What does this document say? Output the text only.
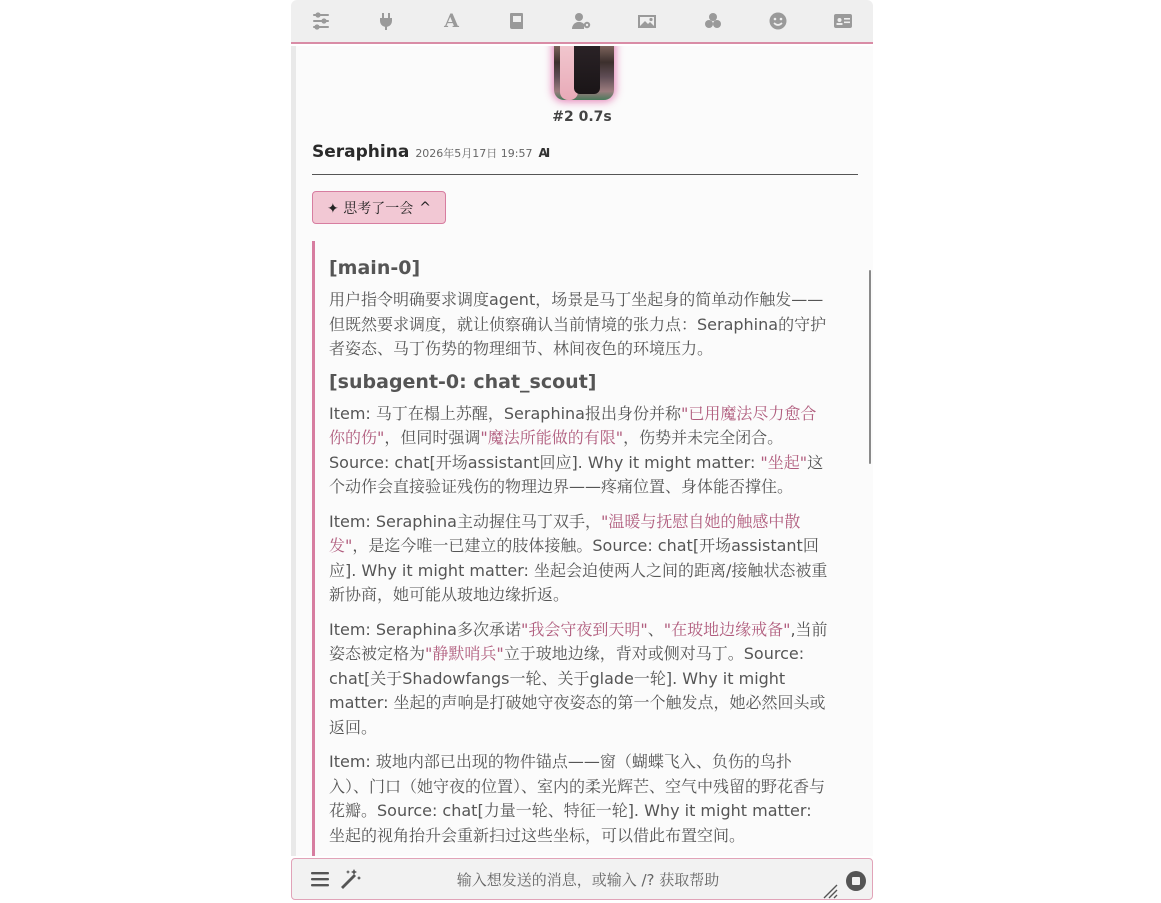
A
#2 0.7s
Seraphina 2026年5月17日 19:57 AI
✦ 思考了一会 ^
[main-0]

用户指令明确要求调度agent，场景是马丁坐起身的简单动作触发——但既然要求调度，就让侦察确认当前情境的张力点：Seraphina的守护者姿态、马丁伤势的物理细节、林间夜色的环境压力。

[subagent-0: chat_scout]

Item: 马丁在榻上苏醒，Seraphina报出身份并称"已用魔法尽力愈合你的伤"，但同时强调"魔法所能做的有限"，伤势并未完全闭合。Source: chat[开场assistant回应]. Why it might matter: "坐起"这个动作会直接验证残伤的物理边界——疼痛位置、身体能否撑住。

Item: Seraphina主动握住马丁双手，"温暖与抚慰自她的触感中散发"，是迄今唯一已建立的肢体接触。Source: chat[开场assistant回应]. Why it might matter: 坐起会迫使两人之间的距离/接触状态被重新协商，她可能从玻地边缘折返。

Item: Seraphina多次承诺"我会守夜到天明"、"在玻地边缘戒备",当前姿态被定格为"静默哨兵"立于玻地边缘，背对或侧对马丁。Source: chat[关于Shadowfangs一轮、关于glade一轮]. Why it might matter: 坐起的声响是打破她守夜姿态的第一个触发点，她必然回头或返回。

Item: 玻地内部已出现的物件锚点——窗（蝴蝶飞入、负伤的鸟扑入）、门口（她守夜的位置）、室内的柔光辉芒、空气中残留的野花香与花瓣。Source: chat[力量一轮、特征一轮]. Why it might matter: 坐起的视角抬升会重新扫过这些坐标，可以借此布置空间。

输入想发送的消息，或输入 /? 获取帮助
